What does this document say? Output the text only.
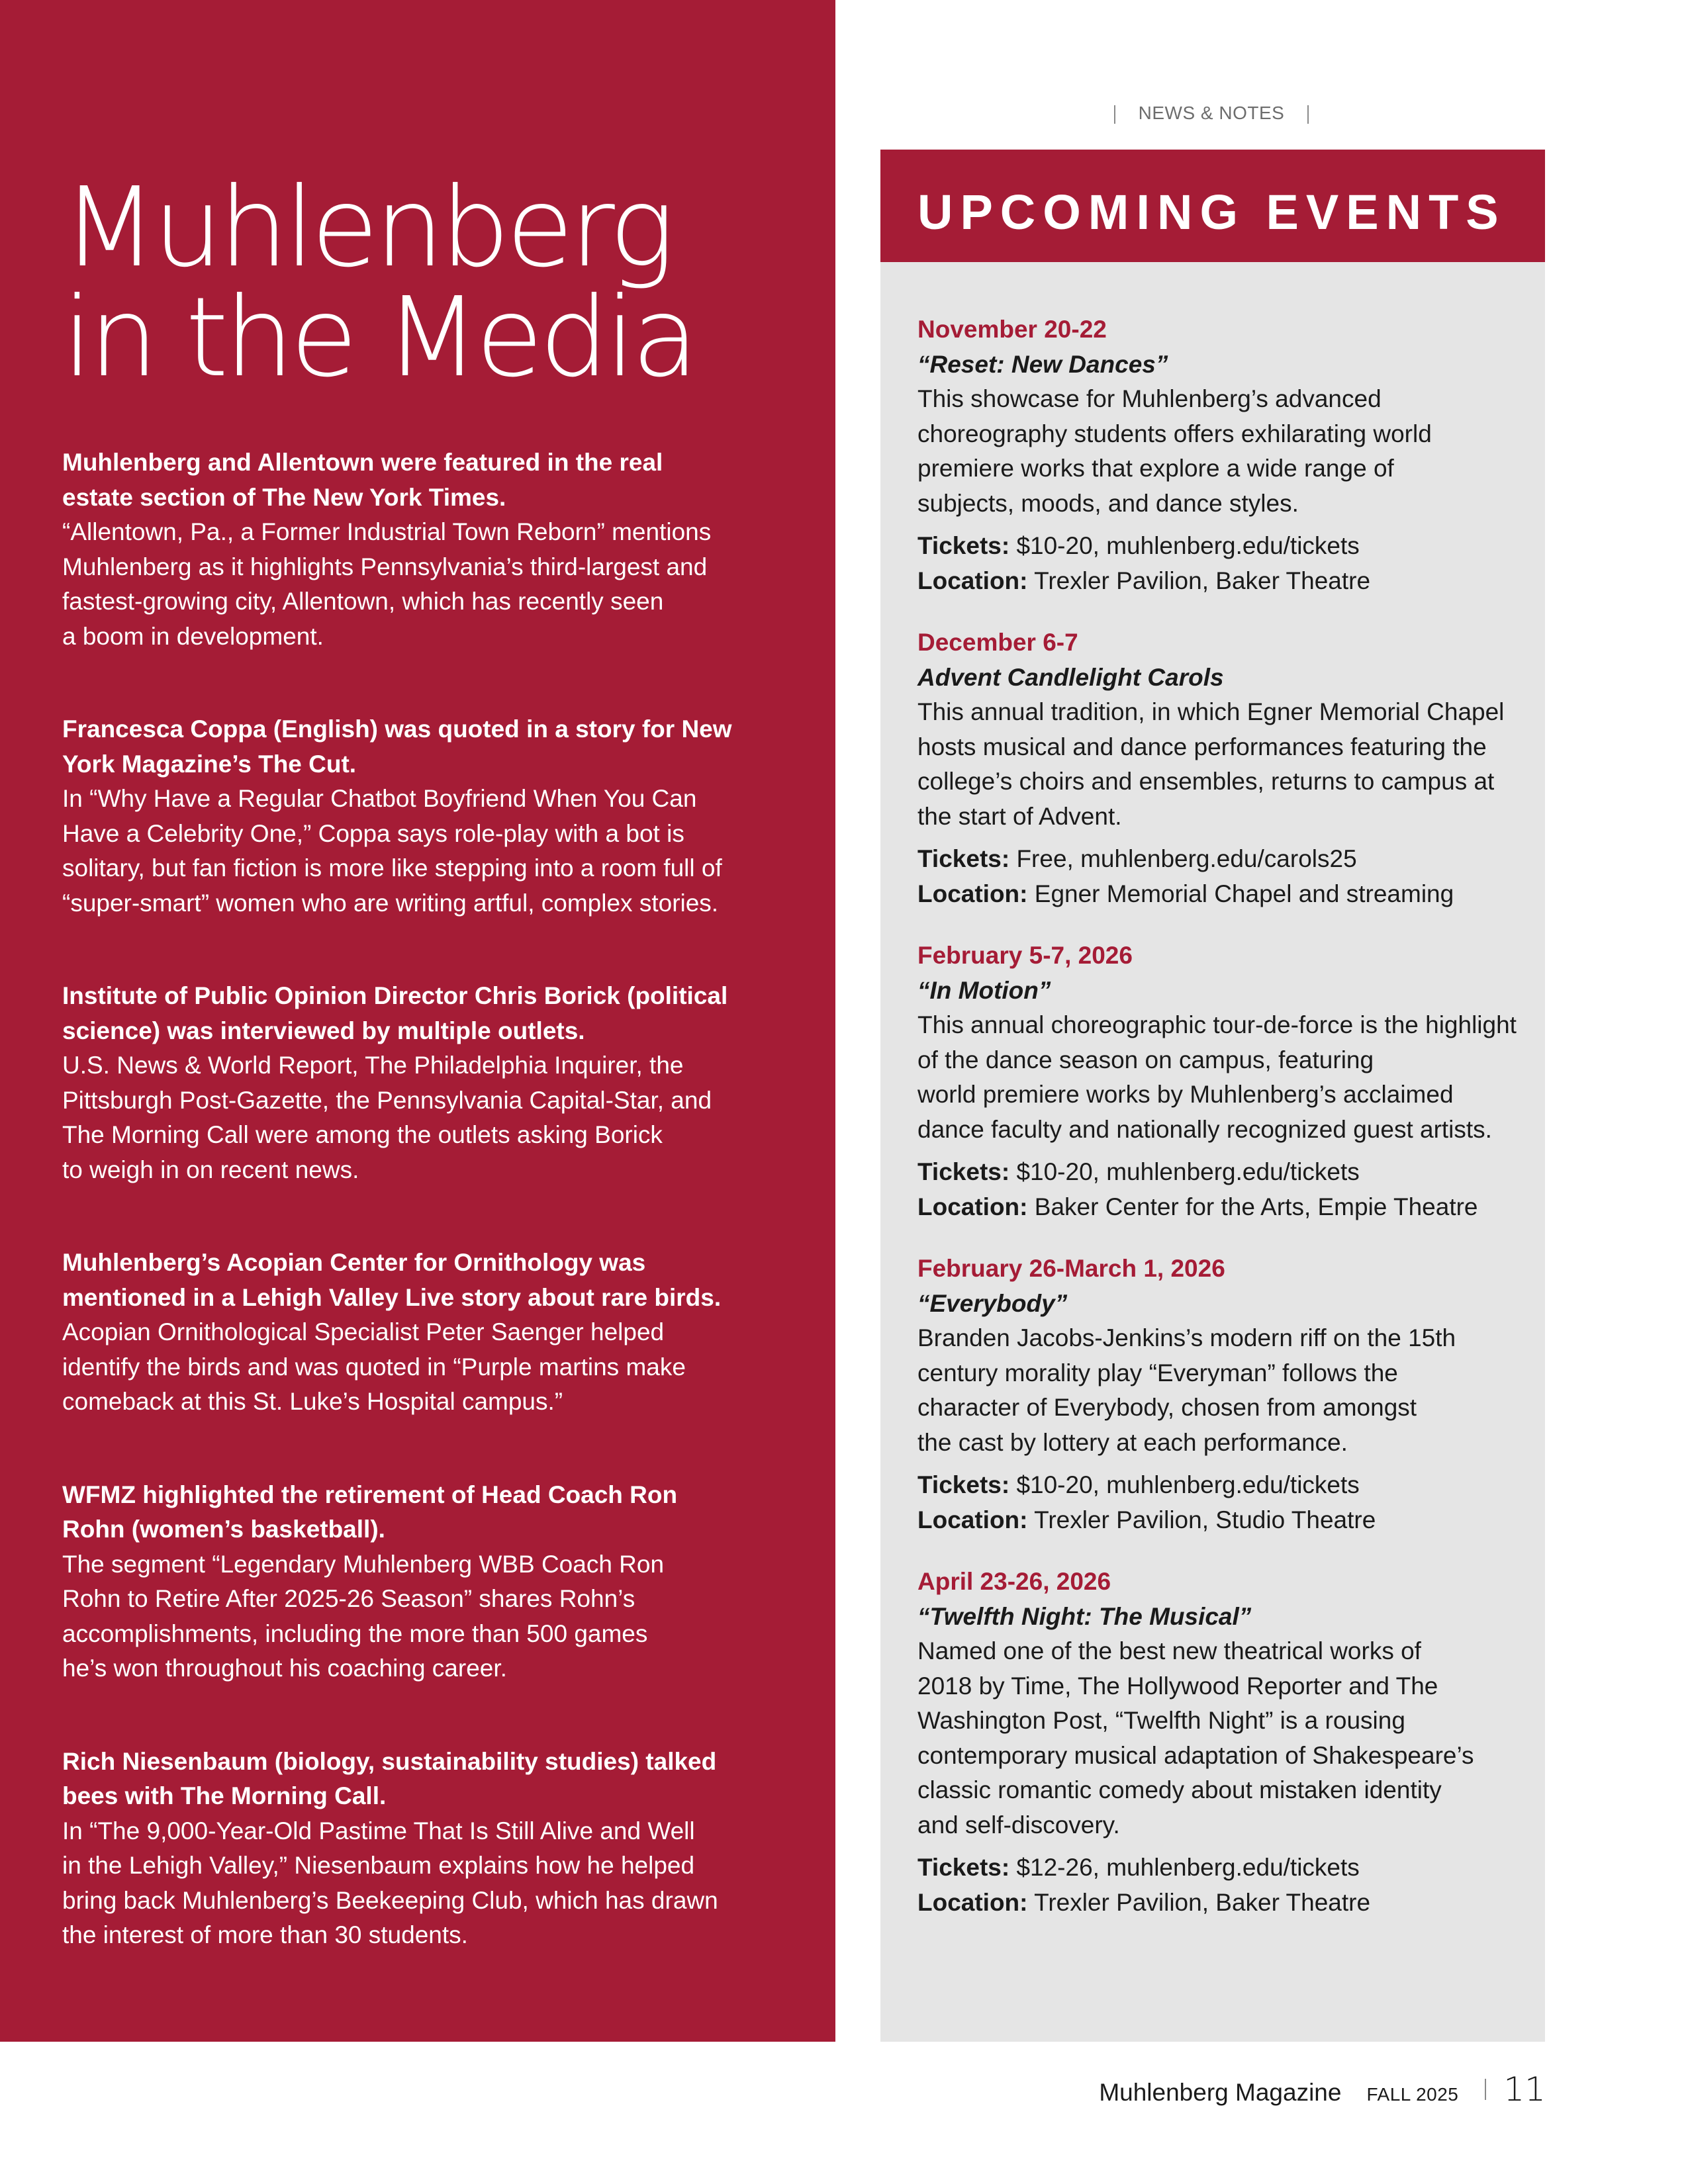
Muhlenberg
in the Media
Muhlenberg and Allentown were featured in the real
estate section of The New York Times.
“Allentown, Pa., a Former Industrial Town Reborn” mentions
Muhlenberg as it highlights Pennsylvania’s third-largest and
fastest-growing city, Allentown, which has recently seen
a boom in development.
Francesca Coppa (English) was quoted in a story for New
York Magazine’s The Cut.
In “Why Have a Regular Chatbot Boyfriend When You Can
Have a Celebrity One,” Coppa says role-play with a bot is
solitary, but fan fiction is more like stepping into a room full of
“super-smart” women who are writing artful, complex stories.
Institute of Public Opinion Director Chris Borick (political
science) was interviewed by multiple outlets.
U.S. News & World Report, The Philadelphia Inquirer, the
Pittsburgh Post-Gazette, the Pennsylvania Capital-Star, and
The Morning Call were among the outlets asking Borick
to weigh in on recent news.
Muhlenberg’s Acopian Center for Ornithology was
mentioned in a Lehigh Valley Live story about rare birds.
Acopian Ornithological Specialist Peter Saenger helped
identify the birds and was quoted in “Purple martins make
comeback at this St. Luke’s Hospital campus.”
WFMZ highlighted the retirement of Head Coach Ron
Rohn (women’s basketball).
The segment “Legendary Muhlenberg WBB Coach Ron
Rohn to Retire After 2025-26 Season” shares Rohn’s
accomplishments, including the more than 500 games
he’s won throughout his coaching career.
Rich Niesenbaum (biology, sustainability studies) talked
bees with The Morning Call.
In “The 9,000-Year-Old Pastime That Is Still Alive and Well
in the Lehigh Valley,” Niesenbaum explains how he helped
bring back Muhlenberg’s Beekeeping Club, which has drawn
the interest of more than 30 students.
NEWS & NOTES
UPCOMING EVENTS
November 20-22
“Reset: New Dances”
This showcase for Muhlenberg’s advanced
choreography students offers exhilarating world
premiere works that explore a wide range of
subjects, moods, and dance styles.
Tickets: $10-20, muhlenberg.edu/tickets
Location: Trexler Pavilion, Baker Theatre
December 6-7
Advent Candlelight Carols
This annual tradition, in which Egner Memorial Chapel
hosts musical and dance performances featuring the
college’s choirs and ensembles, returns to campus at
the start of Advent.
Tickets: Free, muhlenberg.edu/carols25
Location: Egner Memorial Chapel and streaming
February 5-7, 2026
“In Motion”
This annual choreographic tour-de-force is the highlight
of the dance season on campus, featuring
world premiere works by Muhlenberg’s acclaimed
dance faculty and nationally recognized guest artists.
Tickets: $10-20, muhlenberg.edu/tickets
Location: Baker Center for the Arts, Empie Theatre
February 26-March 1, 2026
“Everybody”
Branden Jacobs-Jenkins’s modern riff on the 15th
century morality play “Everyman” follows the
character of Everybody, chosen from amongst
the cast by lottery at each performance.
Tickets: $10-20, muhlenberg.edu/tickets
Location: Trexler Pavilion, Studio Theatre
April 23-26, 2026
“Twelfth Night: The Musical”
Named one of the best new theatrical works of
2018 by Time, The Hollywood Reporter and The
Washington Post, “Twelfth Night” is a rousing
contemporary musical adaptation of Shakespeare’s
classic romantic comedy about mistaken identity
and self-discovery.
Tickets: $12-26, muhlenberg.edu/tickets
Location: Trexler Pavilion, Baker Theatre
Muhlenberg Magazine FALL 2025 11
